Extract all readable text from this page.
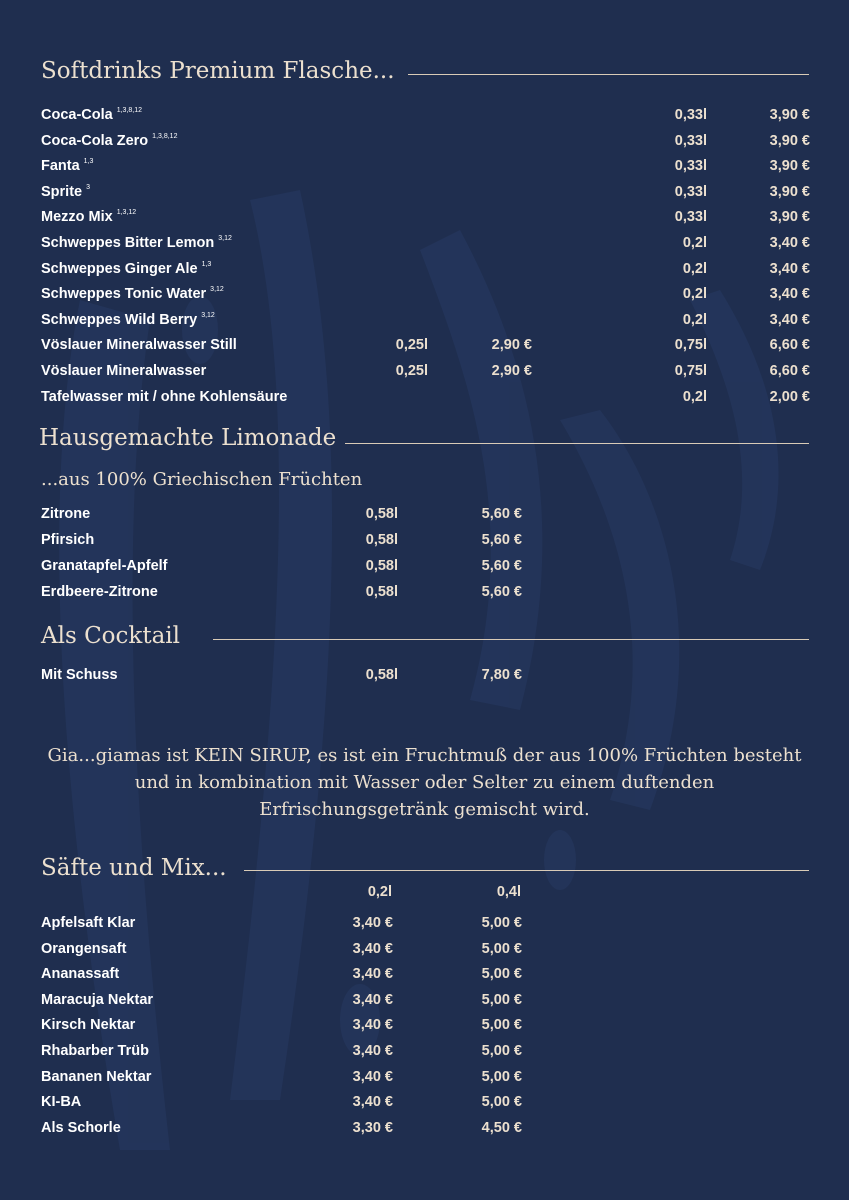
Softdrinks Premium Flasche...
Coca-Cola $^{1,3,8,12}$	0,33l	3,90 €
Coca-Cola Zero $^{1,3,8,12}$	0,33l	3,90 €
Fanta $^{1,3}$	0,33l	3,90 €
Sprite $^3$	0,33l	3,90 €
Mezzo Mix $^{1,3,12}$	0,33l	3,90 €
Schweppes Bitter Lemon $^{3,12}$	0,2l	3,40 €
Schweppes Ginger Ale $^{1,3}$	0,2l	3,40 €
Schweppes Tonic Water $^{3,12}$	0,2l	3,40 €
Schweppes Wild Berry $^{3,12}$	0,2l	3,40 €
Vöslauer Mineralwasser Still	0,25l	2,90 €	0,75l	6,60 €
Vöslauer Mineralwasser	0,25l	2,90 €	0,75l	6,60 €
Tafelwasser mit / ohne Kohlensäure	0,2l	2,00 €
Hausgemachte Limonade
...aus 100% Griechischen Früchten
Zitrone	0,58l	5,60 €
Pfirsich	0,58l	5,60 €
Granatapfel-Apfelf	0,58l	5,60 €
Erdbeere-Zitrone	0,58l	5,60 €
Als Cocktail
Mit Schuss	0,58l	7,80 €
Gia...giamas ist KEIN SIRUP, es ist ein Fruchtmuß der aus 100% Früchten besteht und in kombination mit Wasser oder Selter zu einem duftenden Erfrischungsgetränk gemischt wird.
Säfte und Mix...
0,2l	0,4l
Apfelsaft Klar	3,40 €	5,00 €
Orangensaft	3,40 €	5,00 €
Ananassaft	3,40 €	5,00 €
Maracuja Nektar	3,40 €	5,00 €
Kirsch Nektar	3,40 €	5,00 €
Rhabarber Trüb	3,40 €	5,00 €
Bananen Nektar	3,40 €	5,00 €
KI-BA	3,40 €	5,00 €
Als Schorle	3,30 €	4,50 €
